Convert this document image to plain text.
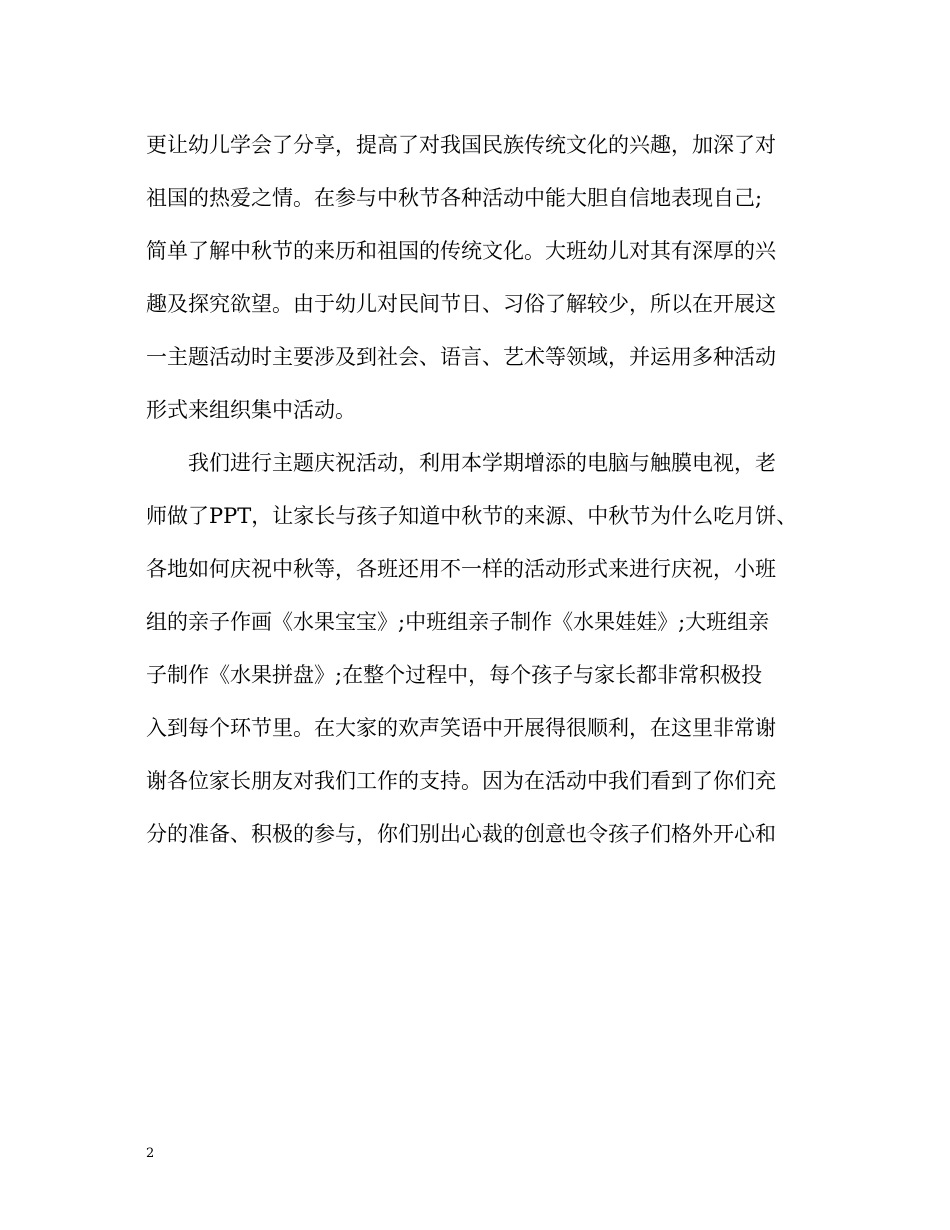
更让幼儿学会了分享，提高了对我国民族传统文化的兴趣，加深了对
祖国的热爱之情。在参与中秋节各种活动中能大胆自信地表现自己;
简单了解中秋节的来历和祖国的传统文化。大班幼儿对其有深厚的兴
趣及探究欲望。由于幼儿对民间节日、习俗了解较少，所以在开展这
一主题活动时主要涉及到社会、语言、艺术等领域，并运用多种活动
形式来组织集中活动。
我们进行主题庆祝活动，利用本学期增添的电脑与触膜电视，老
师做了PPT，让家长与孩子知道中秋节的来源、中秋节为什么吃月饼、
各地如何庆祝中秋等，各班还用不一样的活动形式来进行庆祝，小班
组的亲子作画《水果宝宝》;中班组亲子制作《水果娃娃》;大班组亲
子制作《水果拼盘》;在整个过程中，每个孩子与家长都非常积极投
入到每个环节里。在大家的欢声笑语中开展得很顺利，在这里非常谢
谢各位家长朋友对我们工作的支持。因为在活动中我们看到了你们充
分的准备、积极的参与，你们别出心裁的创意也令孩子们格外开心和
2
